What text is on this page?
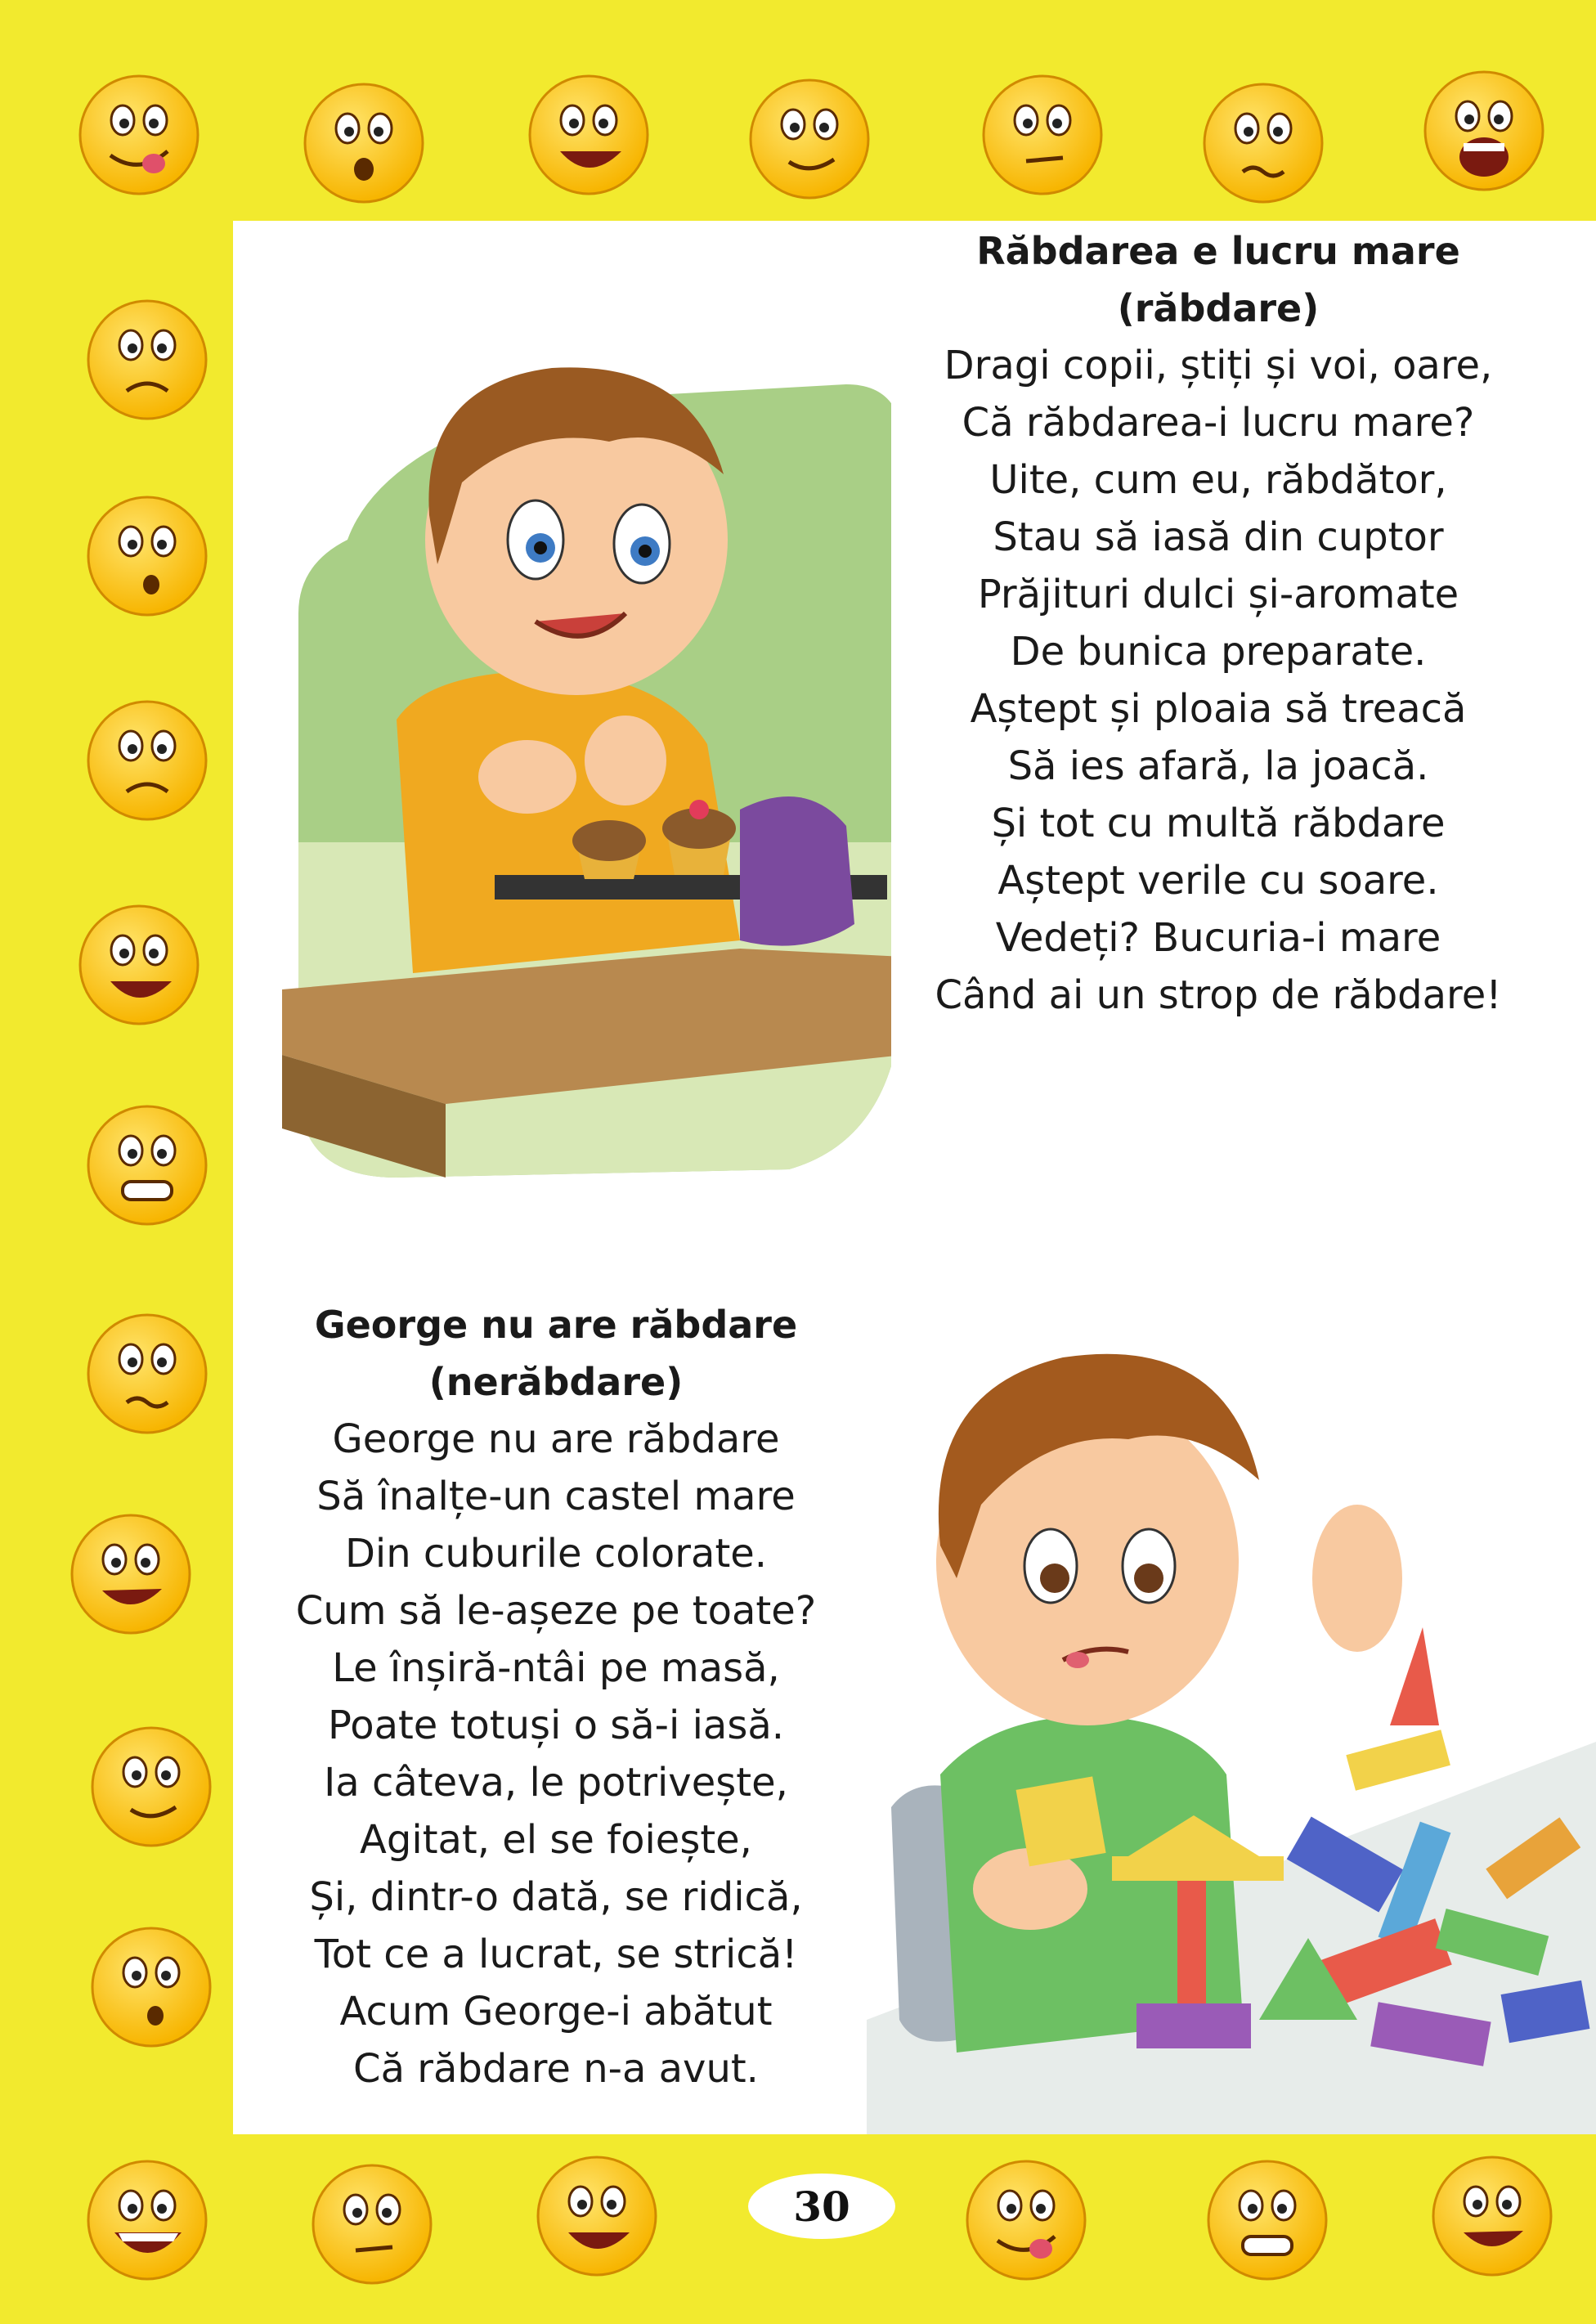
Răbdarea e lucru mare
(răbdare)
Dragi copii, știți și voi, oare,
Că răbdarea-i lucru mare?
Uite, cum eu, răbdător,
Stau să iasă din cuptor
Prăjituri dulci și-aromate
De bunica preparate.
Aștept și ploaia să treacă
Să ies afară, la joacă.
Și tot cu multă răbdare
Aștept verile cu soare.
Vedeți? Bucuria-i mare
Când ai un strop de răbdare!
George nu are răbdare
(nerăbdare)
George nu are răbdare
Să înalțe-un castel mare
Din cuburile colorate.
Cum să le-așeze pe toate?
Le înșiră-ntâi pe masă,
Poate totuși o să-i iasă.
Ia câteva, le potrivește,
Agitat, el se foiește,
Și, dintr-o dată, se ridică,
Tot ce a lucrat, se strică!
Acum George-i abătut
Că răbdare n-a avut.
30
